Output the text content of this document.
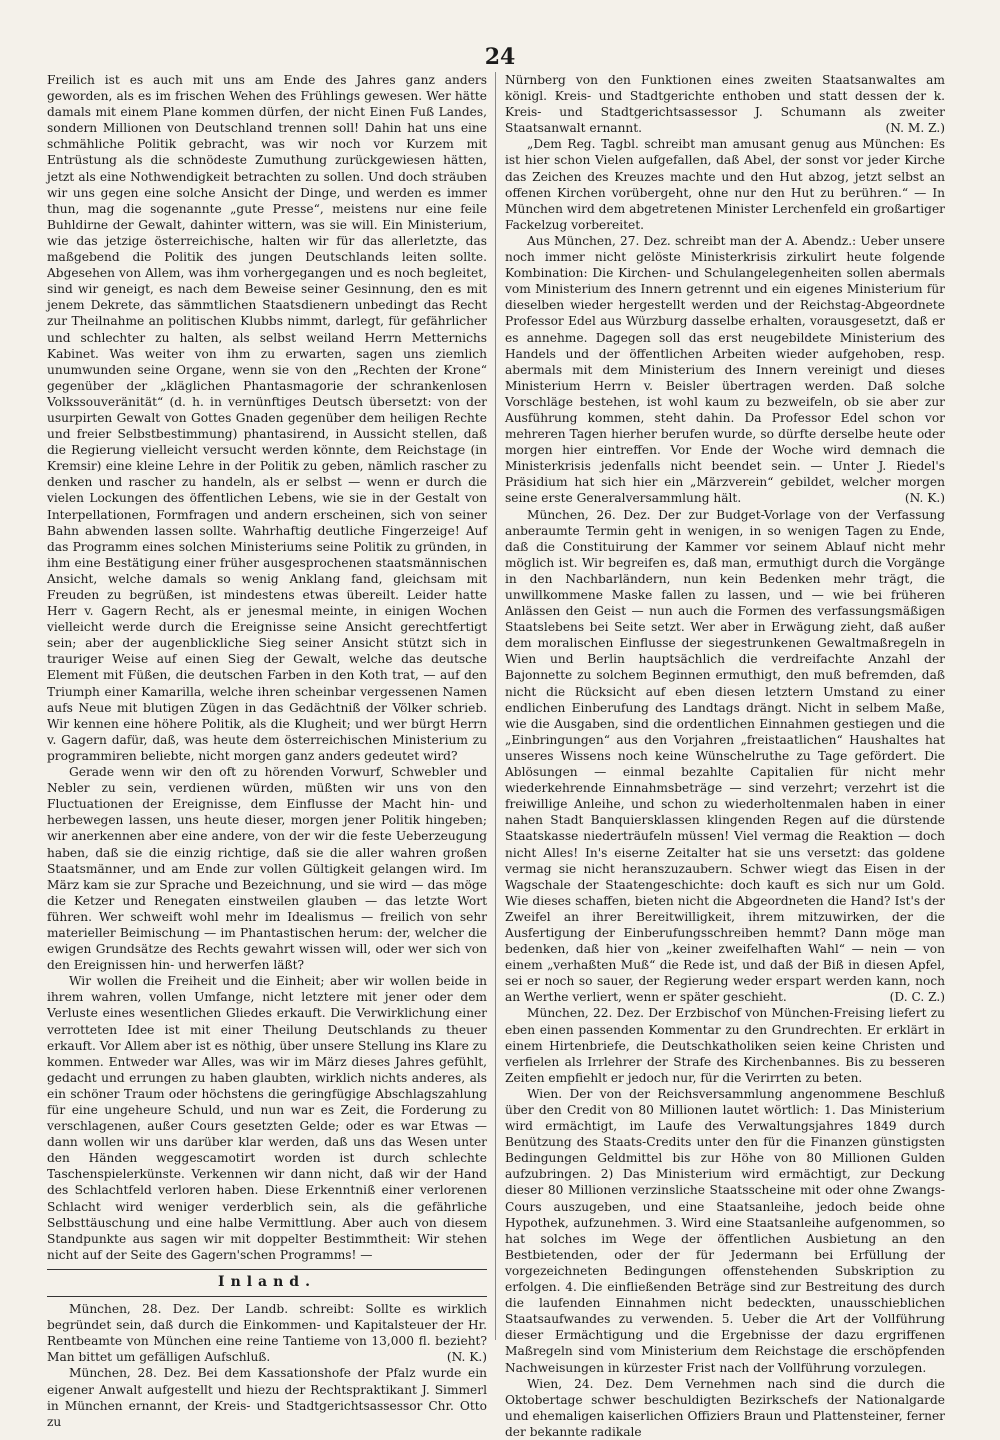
24

Freilich ist es auch mit uns am Ende des Jahres ganz anders geworden, als es im frischen Wehen des Frühlings gewesen. Wer hätte damals mit einem Plane kommen dürfen, der nicht Einen Fuß Landes, sondern Millionen von Deutschland trennen soll! Dahin hat uns eine schmähliche Politik gebracht, was wir noch vor Kurzem mit Entrüstung als die schnödeste Zumuthung zurückgewiesen hätten, jetzt als eine Nothwendigkeit betrachten zu sollen. Und doch sträuben wir uns gegen eine solche Ansicht der Dinge, und werden es immer thun, mag die sogenannte „gute Presse“, meistens nur eine feile Buhldirne der Gewalt, dahinter wittern, was sie will. Ein Ministerium, wie das jetzige österreichische, halten wir für das allerletzte, das maßgebend die Politik des jungen Deutschlands leiten sollte. Abgesehen von Allem, was ihm vorhergegangen und es noch begleitet, sind wir geneigt, es nach dem Beweise seiner Gesinnung, den es mit jenem Dekrete, das sämmtlichen Staatsdienern unbedingt das Recht zur Theilnahme an politischen Klubbs nimmt, darlegt, für gefährlicher und schlechter zu halten, als selbst weiland Herrn Metternichs Kabinet. Was weiter von ihm zu erwarten, sagen uns ziemlich unumwunden seine Organe, wenn sie von den „Rechten der Krone“ gegenüber der „kläglichen Phantasmagorie der schrankenlosen Volkssouveränität“ (d. h. in vernünftiges Deutsch übersetzt: von der usurpirten Gewalt von Gottes Gnaden gegenüber dem heiligen Rechte und freier Selbstbestimmung) phantasirend, in Aussicht stellen, daß die Regierung vielleicht versucht werden könnte, dem Reichstage (in Kremsir) eine kleine Lehre in der Politik zu geben, nämlich rascher zu denken und rascher zu handeln, als er selbst — wenn er durch die vielen Lockungen des öffentlichen Lebens, wie sie in der Gestalt von Interpellationen, Formfragen und andern erscheinen, sich von seiner Bahn abwenden lassen sollte. Wahrhaftig deutliche Fingerzeige! Auf das Programm eines solchen Ministeriums seine Politik zu gründen, in ihm eine Bestätigung einer früher ausgesprochenen staatsmännischen Ansicht, welche damals so wenig Anklang fand, gleichsam mit Freuden zu begrüßen, ist mindestens etwas übereilt. Leider hatte Herr v. Gagern Recht, als er jenesmal meinte, in einigen Wochen vielleicht werde durch die Ereignisse seine Ansicht gerechtfertigt sein; aber der augenblickliche Sieg seiner Ansicht stützt sich in trauriger Weise auf einen Sieg der Gewalt, welche das deutsche Element mit Füßen, die deutschen Farben in den Koth trat, — auf den Triumph einer Kamarilla, welche ihren scheinbar vergessenen Namen aufs Neue mit blutigen Zügen in das Gedächtniß der Völker schrieb. Wir kennen eine höhere Politik, als die Klugheit; und wer bürgt Herrn v. Gagern dafür, daß, was heute dem österreichischen Ministerium zu programmiren beliebte, nicht morgen ganz anders gedeutet wird?

Gerade wenn wir den oft zu hörenden Vorwurf, Schwebler und Nebler zu sein, verdienen würden, müßten wir uns von den Fluctuationen der Ereignisse, dem Einflusse der Macht hin- und herbewegen lassen, uns heute dieser, morgen jener Politik hingeben; wir anerkennen aber eine andere, von der wir die feste Ueberzeugung haben, daß sie die einzig richtige, daß sie die aller wahren großen Staatsmänner, und am Ende zur vollen Gültigkeit gelangen wird. Im März kam sie zur Sprache und Bezeichnung, und sie wird — das möge die Ketzer und Renegaten einstweilen glauben — das letzte Wort führen. Wer schweift wohl mehr im Idealismus — freilich von sehr materieller Beimischung — im Phantastischen herum: der, welcher die ewigen Grundsätze des Rechts gewahrt wissen will, oder wer sich von den Ereignissen hin- und herwerfen läßt?

Wir wollen die Freiheit und die Einheit; aber wir wollen beide in ihrem wahren, vollen Umfange, nicht letztere mit jener oder dem Verluste eines wesentlichen Gliedes erkauft. Die Verwirklichung einer verrotteten Idee ist mit einer Theilung Deutschlands zu theuer erkauft. Vor Allem aber ist es nöthig, über unsere Stellung ins Klare zu kommen. Entweder war Alles, was wir im März dieses Jahres gefühlt, gedacht und errungen zu haben glaubten, wirklich nichts anderes, als ein schöner Traum oder höchstens die geringfügige Abschlagszahlung für eine ungeheure Schuld, und nun war es Zeit, die Forderung zu verschlagenen, außer Cours gesetzten Gelde; oder es war Etwas — dann wollen wir uns darüber klar werden, daß uns das Wesen unter den Händen weggescamotirt worden ist durch schlechte Taschenspielerkünste. Verkennen wir dann nicht, daß wir der Hand des Schlachtfeld verloren haben. Diese Erkenntniß einer verlorenen Schlacht wird weniger verderblich sein, als die gefährliche Selbsttäuschung und eine halbe Vermittlung. Aber auch von diesem Standpunkte aus sagen wir mit doppelter Bestimmtheit: Wir stehen nicht auf der Seite des Gagern'schen Programms! —

Inland.

München, 28. Dez. Der Landb. schreibt: Sollte es wirklich begründet sein, daß durch die Einkommen- und Kapitalsteuer der Hr. Rentbeamte von München eine reine Tantieme von 13,000 fl. bezieht? Man bittet um gefälligen Aufschluß.	(N. K.)

München, 28. Dez. Bei dem Kassationshofe der Pfalz wurde ein eigener Anwalt aufgestellt und hiezu der Rechtspraktikant J. Simmerl in München ernannt, der Kreis- und Stadtgerichtsassessor Chr. Otto zu

Nürnberg von den Funktionen eines zweiten Staatsanwaltes am königl. Kreis- und Stadtgerichte enthoben und statt dessen der k. Kreis- und Stadtgerichtsassessor J. Schumann als zweiter Staatsanwalt ernannt.	(N. M. Z.)

„Dem Reg. Tagbl. schreibt man amusant genug aus München: Es ist hier schon Vielen aufgefallen, daß Abel, der sonst vor jeder Kirche das Zeichen des Kreuzes machte und den Hut abzog, jetzt selbst an offenen Kirchen vorübergeht, ohne nur den Hut zu berühren.“ — In München wird dem abgetretenen Minister Lerchenfeld ein großartiger Fackelzug vorbereitet.

Aus München, 27. Dez. schreibt man der A. Abendz.: Ueber unsere noch immer nicht gelöste Ministerkrisis zirkulirt heute folgende Kombination: Die Kirchen- und Schulangelegenheiten sollen abermals vom Ministerium des Innern getrennt und ein eigenes Ministerium für dieselben wieder hergestellt werden und der Reichstag-Abgeordnete Professor Edel aus Würzburg dasselbe erhalten, vorausgesetzt, daß er es annehme. Dagegen soll das erst neugebildete Ministerium des Handels und der öffentlichen Arbeiten wieder aufgehoben, resp. abermals mit dem Ministerium des Innern vereinigt und dieses Ministerium Herrn v. Beisler übertragen werden. Daß solche Vorschläge bestehen, ist wohl kaum zu bezweifeln, ob sie aber zur Ausführung kommen, steht dahin. Da Professor Edel schon vor mehreren Tagen hierher berufen wurde, so dürfte derselbe heute oder morgen hier eintreffen. Vor Ende der Woche wird demnach die Ministerkrisis jedenfalls nicht beendet sein. — Unter J. Riedel's Präsidium hat sich hier ein „Märzverein“ gebildet, welcher morgen seine erste Generalversammlung hält.	(N. K.)

München, 26. Dez. Der zur Budget-Vorlage von der Verfassung anberaumte Termin geht in wenigen, in so wenigen Tagen zu Ende, daß die Constituirung der Kammer vor seinem Ablauf nicht mehr möglich ist. Wir begreifen es, daß man, ermuthigt durch die Vorgänge in den Nachbarländern, nun kein Bedenken mehr trägt, die unwillkommene Maske fallen zu lassen, und — wie bei früheren Anlässen den Geist — nun auch die Formen des verfassungsmäßigen Staatslebens bei Seite setzt. Wer aber in Erwägung zieht, daß außer dem moralischen Einflusse der siegestrunkenen Gewaltmaßregeln in Wien und Berlin hauptsächlich die verdreifachte Anzahl der Bajonnette zu solchem Beginnen ermuthigt, den muß befremden, daß nicht die Rücksicht auf eben diesen letztern Umstand zu einer endlichen Einberufung des Landtags drängt. Nicht in selbem Maße, wie die Ausgaben, sind die ordentlichen Einnahmen gestiegen und die „Einbringungen“ aus den Vorjahren „freistaatlichen“ Haushaltes hat unseres Wissens noch keine Wünschelruthe zu Tage gefördert. Die Ablösungen — einmal bezahlte Capitalien für nicht mehr wiederkehrende Einnahmsbeträge — sind verzehrt; verzehrt ist die freiwillige Anleihe, und schon zu wiederholtenmalen haben in einer nahen Stadt Banquiersklassen klingenden Regen auf die dürstende Staatskasse niederträufeln müssen! Viel vermag die Reaktion — doch nicht Alles! In's eiserne Zeitalter hat sie uns versetzt: das goldene vermag sie nicht heranszuzaubern. Schwer wiegt das Eisen in der Wagschale der Staatengeschichte: doch kauft es sich nur um Gold. Wie dieses schaffen, bieten nicht die Abgeordneten die Hand? Ist's der Zweifel an ihrer Bereitwilligkeit, ihrem mitzuwirken, der die Ausfertigung der Einberufungsschreiben hemmt? Dann möge man bedenken, daß hier von „keiner zweifelhaften Wahl“ — nein — von einem „verhaßten Muß“ die Rede ist, und daß der Biß in diesen Apfel, sei er noch so sauer, der Regierung weder erspart werden kann, noch an Werthe verliert, wenn er später geschieht.	(D. C. Z.)

München, 22. Dez. Der Erzbischof von München-Freising liefert zu eben einen passenden Kommentar zu den Grundrechten. Er erklärt in einem Hirtenbriefe, die Deutschkatholiken seien keine Christen und verfielen als Irrlehrer der Strafe des Kirchenbannes. Bis zu besseren Zeiten empfiehlt er jedoch nur, für die Verirrten zu beten.

Wien. Der von der Reichsversammlung angenommene Beschluß über den Credit von 80 Millionen lautet wörtlich: 1. Das Ministerium wird ermächtigt, im Laufe des Verwaltungsjahres 1849 durch Benützung des Staats-Credits unter den für die Finanzen günstigsten Bedingungen Geldmittel bis zur Höhe von 80 Millionen Gulden aufzubringen. 2) Das Ministerium wird ermächtigt, zur Deckung dieser 80 Millionen verzinsliche Staatsscheine mit oder ohne Zwangs-Cours auszugeben, und eine Staatsanleihe, jedoch beide ohne Hypothek, aufzunehmen. 3. Wird eine Staatsanleihe aufgenommen, so hat solches im Wege der öffentlichen Ausbietung an den Bestbietenden, oder der für Jedermann bei Erfüllung der vorgezeichneten Bedingungen offenstehenden Subskription zu erfolgen. 4. Die einfließenden Beträge sind zur Bestreitung des durch die laufenden Einnahmen nicht bedeckten, unausschieblichen Staatsaufwandes zu verwenden. 5. Ueber die Art der Vollführung dieser Ermächtigung und die Ergebnisse der dazu ergriffenen Maßregeln sind vom Ministerium dem Reichstage die erschöpfenden Nachweisungen in kürzester Frist nach der Vollführung vorzulegen.

Wien, 24. Dez. Dem Vernehmen nach sind die durch die Oktobertage schwer beschuldigten Bezirkschefs der Nationalgarde und ehemaligen kaiserlichen Offiziers Braun und Plattensteiner, ferner der bekannte radikale
